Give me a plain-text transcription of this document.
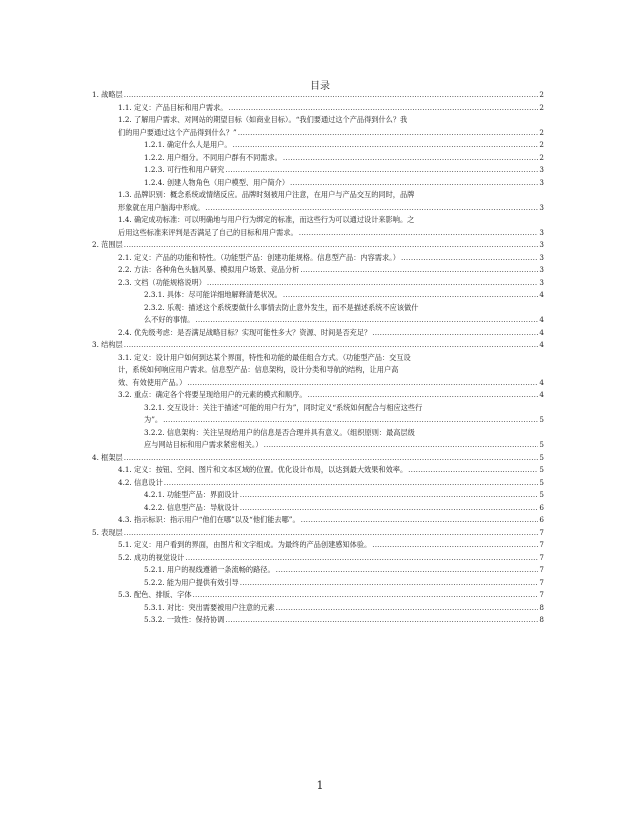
目录
1. 战略层 .....	2
1.1. 定义：产品目标和用户需求。 .....	2
1.2. 了解用户需求、对网站的期望目标（如商业目标）。“我们要通过这个产品得到什么？我
们的用户要通过这个产品得到什么？” .....	2
1.2.1. 确定什么人是用户。 .....	2
1.2.2. 用户细分。不同用户群有不同需求。 .....	2
1.2.3. 可行性和用户研究 .....	3
1.2.4. 创建人物角色（用户模型、用户简介） .....	3
1.3. 品牌识别：概念系统或情绪反应。品牌时刻被用户注意，在用户与产品交互的同时，品牌
形象就在用户脑海中形成。 .....	3
1.4. 确定成功标准：可以明确地与用户行为绑定的标准，而这些行为可以通过设计来影响。之
后用这些标准来评判是否满足了自己的目标和用户需求。 .....	3
2. 范围层 .....	3
2.1. 定义：产品的功能和特性。（功能型产品：创建功能规格。信息型产品：内容需求。） .....	3
2.2. 方法：各种角色头脑风暴、模拟用户场景、竞品分析 .....	3
2.3. 文档（功能规格说明） .....	3
2.3.1. 具体：尽可能详细地解释清楚状况。 .....	4
2.3.2. 乐观：描述这个系统要做什么事情去防止意外发生，而不是描述系统不应该做什
么不好的事情。 .....	4
2.4. 优先级考虑：是否满足战略目标？实现可能性多大？资源、时间是否充足？ .....	4
3. 结构层 .....	4
3.1. 定义：设计用户如何到达某个界面，特性和功能的最佳组合方式。（功能型产品：交互设
计，系统如何响应用户需求。信息型产品：信息架构，设计分类和导航的结构，让用户高
效、有效使用产品。） .....	4
3.2. 重点：确定各个将要呈现给用户的元素的模式和顺序。 .....	4
3.2.1. 交互设计：关注于描述“可能的用户行为”，同时定义“系统如何配合与相应这些行
为”。 .....	5
3.2.2. 信息架构：关注呈现给用户的信息是否合理并具有意义。（组织原则：最高层级
应与网站目标和用户需求紧密相关。） .....	5
4. 框架层 .....	5
4.1. 定义：按钮、空间、图片和文本区域的位置。优化设计布局，以达到最大效果和效率。 .....	5
4.2. 信息设计 .....	5
4.2.1. 功能型产品：界面设计 .....	5
4.2.2. 信息型产品：导航设计 .....	6
4.3. 指示标识：指示用户“他们在哪”以及“他们能去哪”。 .....	6
5. 表现层 .....	7
5.1. 定义：用户看到的界面，由图片和文字组成。为最终的产品创建感知体验。 .....	7
5.2. 成功的视觉设计 .....	7
5.2.1. 用户的视线遵循一条流畅的路径。 .....	7
5.2.2. 能为用户提供有效引导 .....	7
5.3. 配色、排版、字体 .....	7
5.3.1. 对比：突出需要被用户注意的元素 .....	8
5.3.2. 一致性：保持协调 .....	8
1
